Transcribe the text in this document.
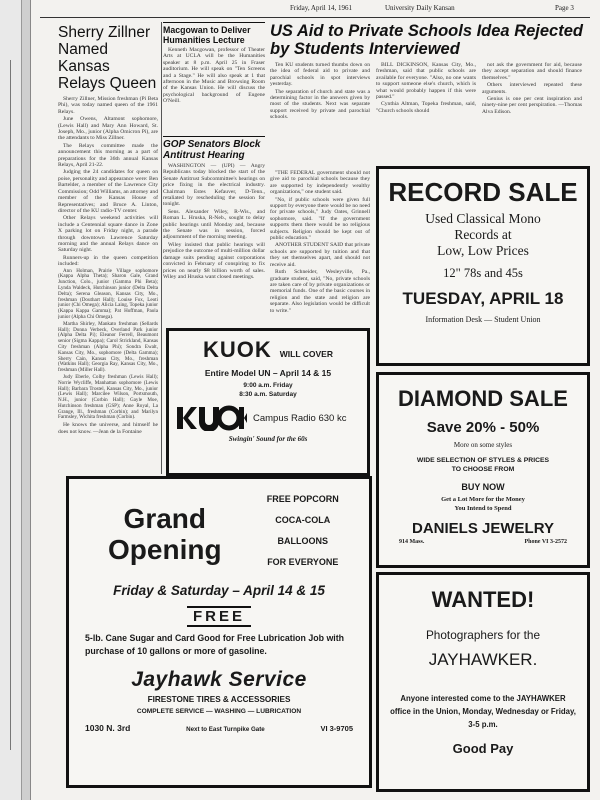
Friday, April 14, 1961	University Daily Kansan	Page 3
Sherry Zillner Named Kansas Relays Queen

Sherry Zillner, Mission freshman (Pi Beta Phi), was today named queen of the 1961 Relays.

June Owens, Altamont sophomore, (Lewis Hall) and Mary Ann Howard, St. Joseph, Mo., junior (Alpha Omicron Pi), are the attendants to Miss Zillner.

The Relays committee made the announcement this morning as a part of preparations for the 36th annual Kansas Relays, April 21-22.

Judging the 24 candidates for queen on poise, personality and appearance were: Ben Bartelder, a member of the Lawrence City Commission; Odd Williams, an attorney and member of the Kansas House of Representatives; and Bruce A. Linton, director of the KU radio-TV center.

Other Relays weekend activities will include a Centennial square dance in Zone X parking lot on Friday night, a parade through downtown Lawrence Saturday morning and the annual Relays dance on Saturday night.

Runners-up in the queen competition included:

Ann Holman, Prairie Village sophomore (Kappa Alpha Theta); Sharon Gale, Grand Junction, Colo., junior (Gamma Phi Beta); Lynda Waldeck, Hutchinson junior (Delta Delta Delta); Serena Gleason, Kansas City, Mo., freshman (Douthart Hall); Louise Fox, Leoti junior (Chi Omega); Alicia Laing, Topeka junior (Kappa Kappa Gamma); Pat Hoffman, Paola junior (Alpha Chi Omega).

Martha Shirley, Mankato freshman (Sellards Hall); Donna Verbeck, Overland Park junior (Alpha Delta Pi); Eleanor Ferrell, Beaumont senior (Sigma Kappa); Carol Strickland, Kansas City freshman (Alpha Phi); Sondra Ewalt, Kansas City, Mo., sophomore (Delta Gamma); Sherry Cain, Kansas City, Mo., freshman (Watkins Hall); Georgia Ray, Kansas City, Mo., freshman (Miller Hall).

Judy Eberle, Colby freshman (Lewis Hall); Norrie Wycliffe, Manhattan sophomore (Lewis Hall); Barbara Trostel, Kansas City, Mo., junior (Lewis Hall); Marcilee Wilson, Portsmouth, N.H., junior (Corbin Hall); Gayle Moe, Hutchinson freshman (GSP); Anne Royal, La Grange, Ill., freshman (Corbin); and Marilyn Farmsley, Wichita freshman (Corbin).

He knows the universe, and himself he does not know. —Jean de la Fontaine

Macgowan to Deliver Humanities Lecture

Kenneth Macgowan, professor of Theater Arts at UCLA will be the Humanities speaker at 8 p.m. April 25 in Fraser auditorium. He will speak on "Ten Screens and a Stage." He will also speak at 1 that afternoon in the Music and Browsing Room of the Kansas Union. He will discuss the psychological background of Eugene O'Neill.

GOP Senators Block Antitrust Hearing

WASHINGTON — (UPI) — Angry Republicans today blocked the start of the Senate Antitrust Subcommittee's hearings on price fixing in the electrical industry. Chairman Estes Kefauver, D-Tenn., retaliated by rescheduling the session for tonight.

Sens. Alexander Wiley, R-Wis., and Roman L. Hruska, R-Neb., sought to delay public hearings until Monday and, because the Senate was in session, forced adjournment of the morning meeting.

Wiley insisted that public hearings will prejudice the outcome of multi-million dollar damage suits pending against corporations convicted in February of conspiring to fix prices on nearly $8 billion worth of sales. Wiley and Hruska want closed meetings.

US Aid to Private Schools Idea Rejected by Students Interviewed

Ten KU students turned thumbs down on the idea of federal aid to private and parochial schools in spot interviews yesterday.

The separation of church and state was a determining factor in the answers given by most of the students. Next was separate support received by private and parochial schools.

BILL DICKINSON, Kansas City, Mo., freshman, said that public schools are available for everyone. "Also, no one wants to support someone else's church, which is what would probably happen if this were passed."

Cynthia Altman, Topeka freshman, said, "Church schools should

not ask the government for aid, because they accept separation and should finance themselves."

Others interviewed repeated these arguments.

Genius is one per cent inspiration and ninety-nine per cent perspiration. —Thomas Alva Edison.

"THE FEDERAL government should not give aid to parochial schools because they are supported by independently wealthy organizations," one student said.

"No, if public schools were given full support by everyone there would be no need for private schools," Judy Oates, Grinnell sophomore, said. "If the government supports them there would be no religious subjects. Religion should be kept out of public education."

ANOTHER STUDENT SAID that private schools are supported by tuition and that they set themselves apart, and should not receive aid.

Ruth Schneider, Wesleyville, Pa., graduate student, said, "No, private schools are taken care of by private organizations or memorial funds. One of the basic courses in religion and the state and religion are separate. Also legislation would be difficult to write."

RECORD SALE
Used Classical Mono
Records at
Low, Low Prices
12" 78s and 45s
TUESDAY, APRIL 18
Information Desk — Student Union
KUOK WILL COVER
Entire Model UN – April 14 & 15
9:00 a.m. Friday
8:30 a.m. Saturday
Campus Radio 630 kc
Swingin' Sound for the 60s
DIAMOND SALE
Save 20% - 50%
More on some styles
WIDE SELECTION OF STYLES & PRICES
TO CHOOSE FROM
BUY NOW
Get a Lot More for the Money
You Intend to Spend
DANIELS JEWELRY
914 Mass.	Phone VI 3-2572
Grand
Opening
FREE POPCORN
COCA-COLA
BALLOONS
FOR EVERYONE
Friday & Saturday – April 14 & 15
FREE
5-lb. Cane Sugar and Card Good for Free Lubrication Job with purchase of 10 gallons or more of gasoline.
Jayhawk Service
FIRESTONE TIRES & ACCESSORIES
COMPLETE SERVICE — WASHING — LUBRICATION
1030 N. 3rd	Next to East Turnpike Gate	VI 3-9705
WANTED!
Photographers for the
JAYHAWKER.
Anyone interested come to the JAYHAWKER office in the Union, Monday, Wednesday or Friday, 3-5 p.m.
Good Pay
